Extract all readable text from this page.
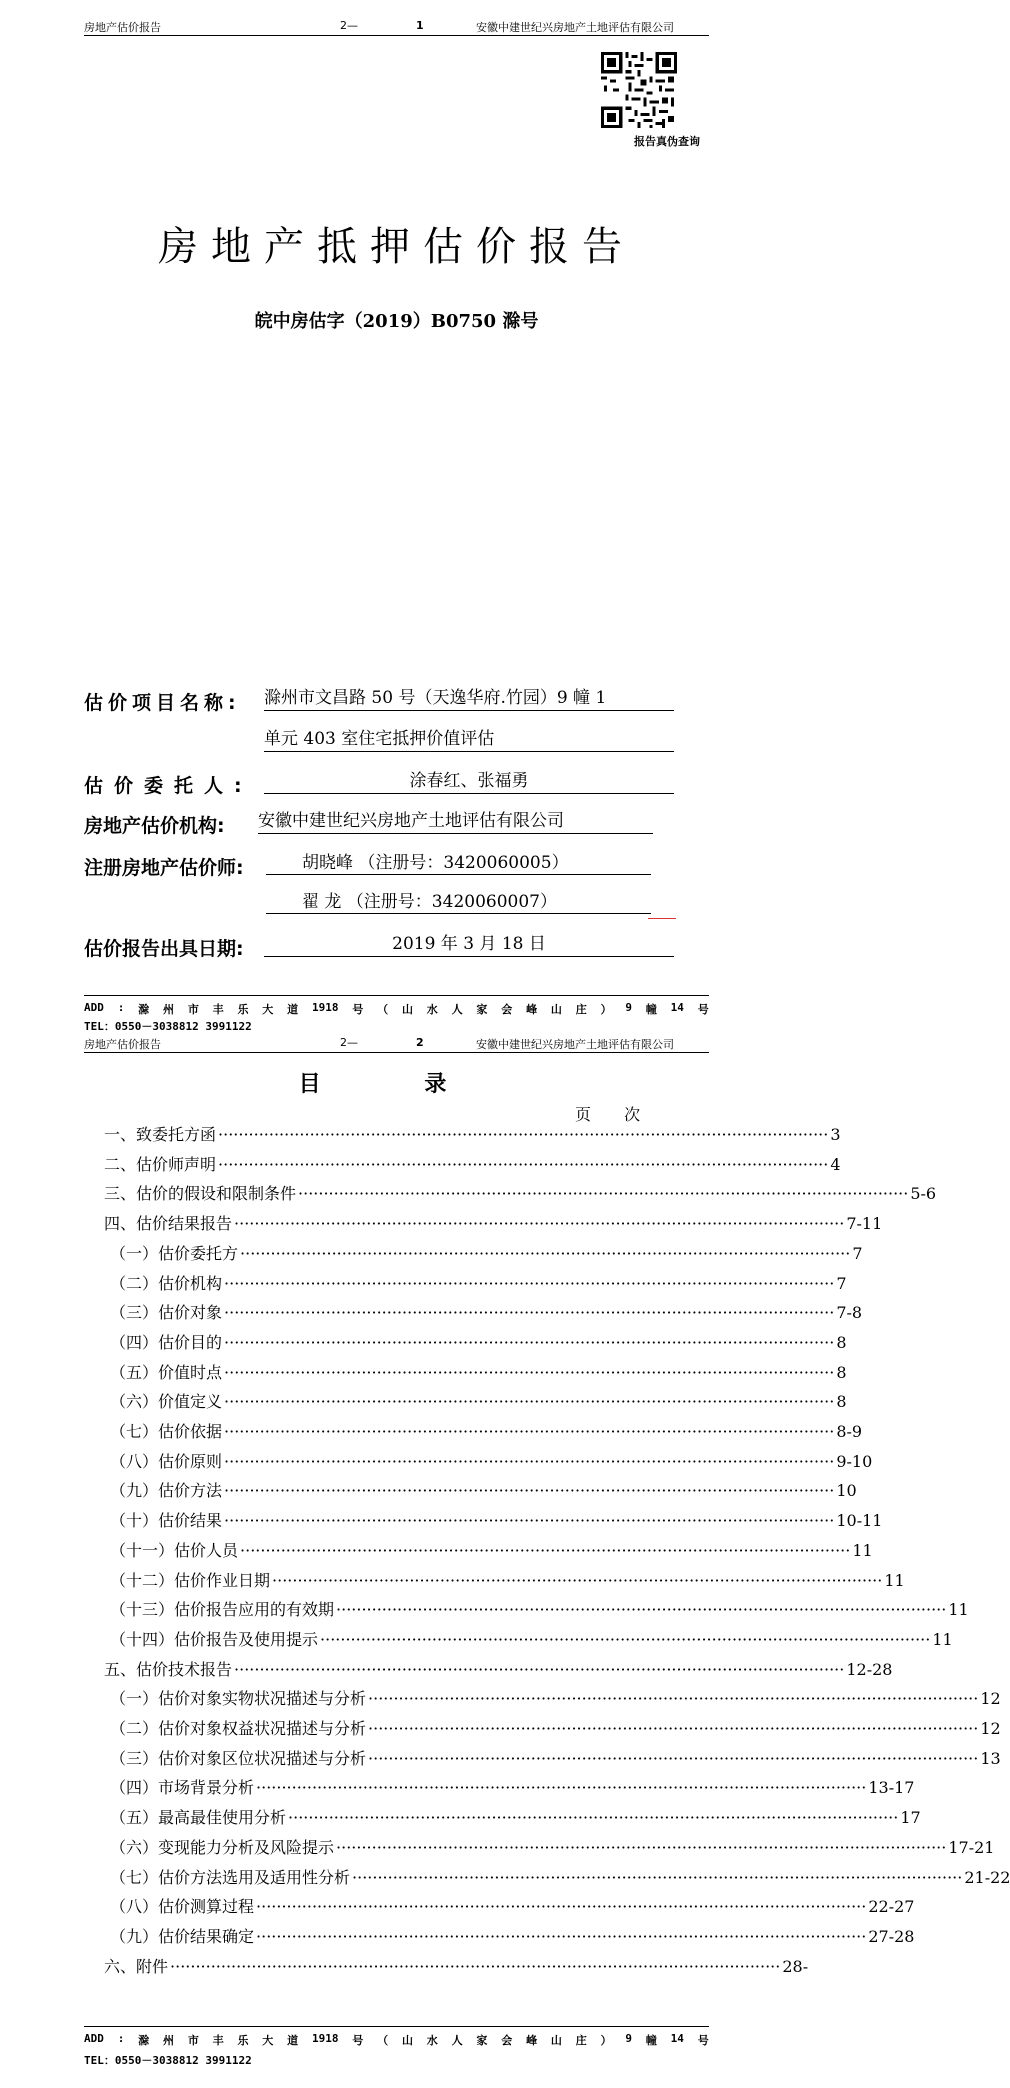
房地产估价报告	2—	1	安徽中建世纪兴房地产土地评估有限公司
报告真伪查询
房地产抵押估价报告
皖中房估字（2019）B0750 滁号
估价项目名称: 滁州市文昌路 50 号（天逸华府.竹园）9 幢 1
单元 403 室住宅抵押价值评估
估价委托人:	涂春红、张福勇
房地产估价机构: 安徽中建世纪兴房地产土地评估有限公司
注册房地产估价师:	胡晓峰 （注册号：3420060005）
翟 龙 （注册号：3420060007）
估价报告出具日期:	2019 年 3 月 18 日
ADD : 滁 州 市 丰 乐 大 道 1918 号 （ 山 水 人 家 会 峰 山 庄 ） 9 幢 14 号
TEL：0550－3038812 3991122
房地产估价报告	2—	2	安徽中建世纪兴房地产土地评估有限公司
目 录
页 次
一、致委托方函 ························································································································ 3
二、估价师声明 ························································································································ 4
三、估价的假设和限制条件 ························································································································ 5-6
四、估价结果报告 ························································································································ 7-11
（一）估价委托方 ························································································································ 7
（二）估价机构 ························································································································ 7
（三）估价对象 ························································································································ 7-8
（四）估价目的 ························································································································ 8
（五）价值时点 ························································································································ 8
（六）价值定义 ························································································································ 8
（七）估价依据 ························································································································ 8-9
（八）估价原则 ························································································································ 9-10
（九）估价方法 ························································································································ 10
（十）估价结果 ························································································································ 10-11
（十一）估价人员 ························································································································ 11
（十二）估价作业日期 ························································································································ 11
（十三）估价报告应用的有效期 ························································································································ 11
（十四）估价报告及使用提示 ························································································································ 11
五、估价技术报告 ························································································································ 12-28
（一）估价对象实物状况描述与分析 ························································································································ 12
（二）估价对象权益状况描述与分析 ························································································································ 12
（三）估价对象区位状况描述与分析 ························································································································ 13
（四）市场背景分析 ························································································································ 13-17
（五）最高最佳使用分析 ························································································································ 17
（六）变现能力分析及风险提示 ························································································································ 17-21
（七）估价方法选用及适用性分析 ························································································································ 21-22
（八）估价测算过程 ························································································································ 22-27
（九）估价结果确定 ························································································································ 27-28
六、附件 ························································································································ 28-
ADD : 滁 州 市 丰 乐 大 道 1918 号 （ 山 水 人 家 会 峰 山 庄 ） 9 幢 14 号
TEL：0550－3038812 3991122
